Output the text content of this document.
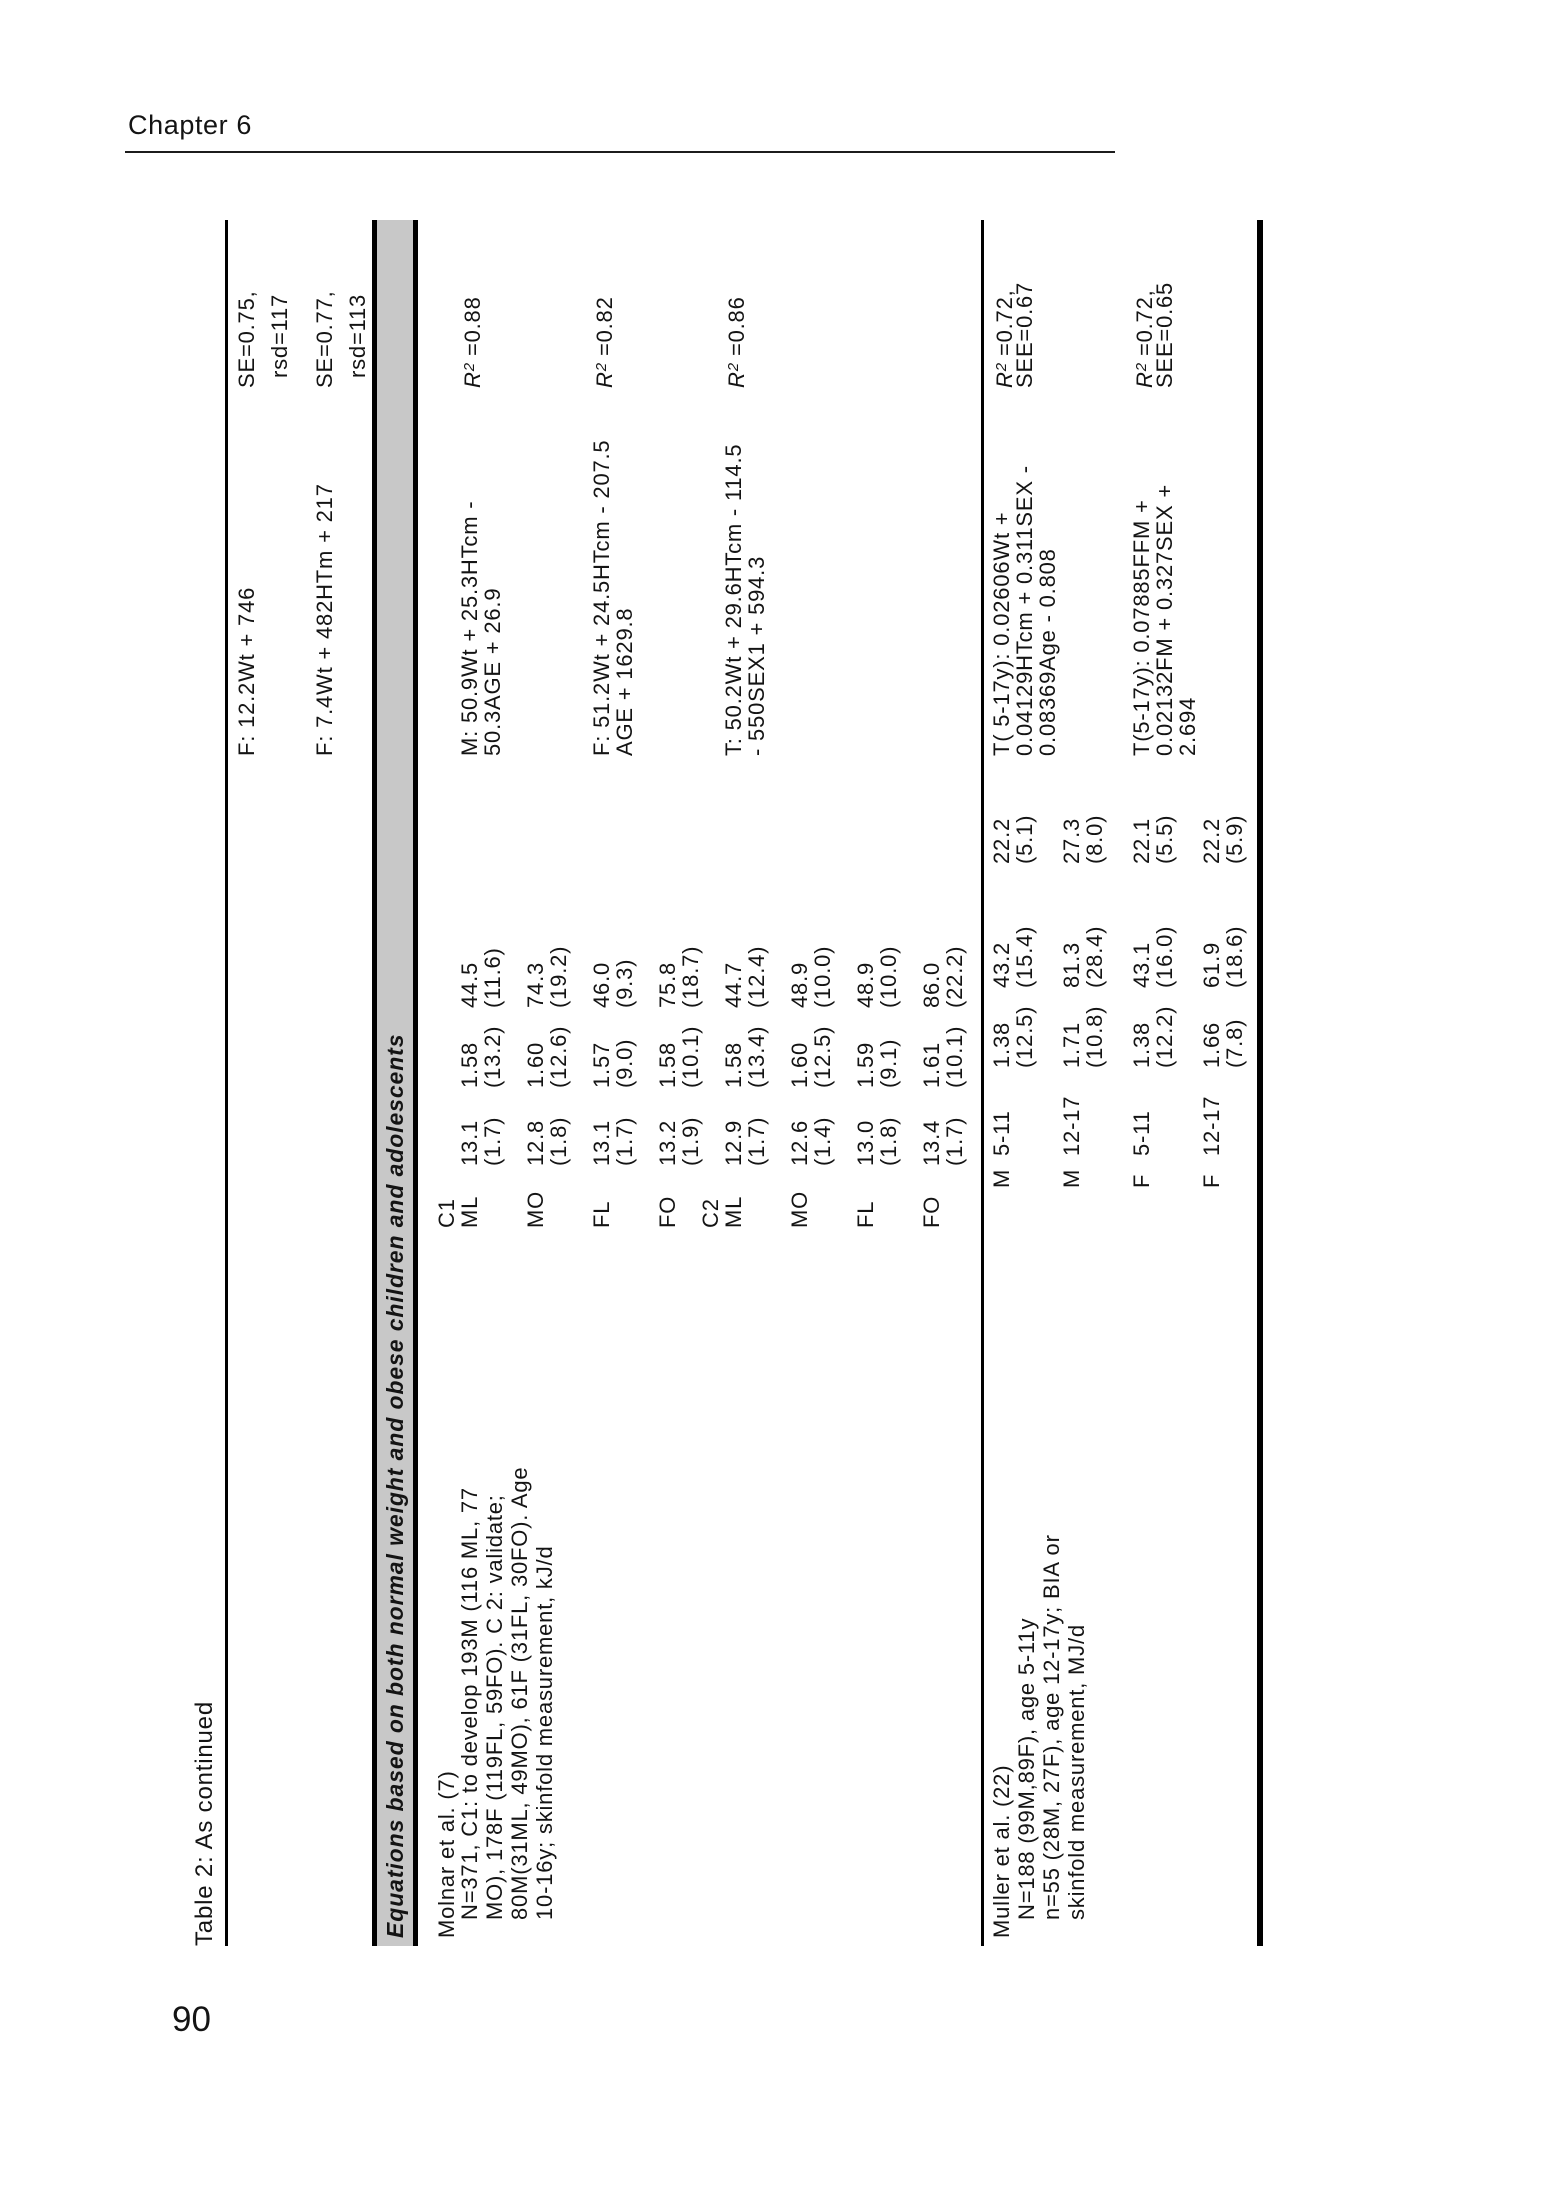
Chapter 6
90
Table 2: As continued	Equations based on both normal weight and obese children and adolescents
F: 12.2Wt + 746
SE=0.75, rsd=117
F: 7.4Wt + 482HTm + 217
SE=0.77, rsd=113
Molnar et al. (7)
N=371, C1: to develop 193M (116 ML, 77 MO), 178F (119FL, 59FO). C 2: validate; 80M(31ML, 49MO), 61F (31FL, 30FO). Age 10-16y; skinfold measurement, kJ/d
C1
ML
13.1
1.58
44.5
(1.7)
(13.2)
(11.6)
MO
12.8
1.60
74.3
(1.8)
(12.6)
(19.2)
FL
13.1
1.57
46.0
(1.7)
(9.0)
(9.3)
FO
13.2
1.58
75.8
(1.9)
(10.1)
(18.7)
C2
ML
12.9
1.58
44.7
(1.7)
(13.4)
(12.4)
MO
12.6
1.60
48.9
(1.4)
(12.5)
(10.0)
FL
13.0
1.59
48.9
(1.8)
(9.1)
(10.0)
FO
13.4
1.61
86.0
(1.7)
(10.1)
(22.2)
M: 50.9Wt + 25.3HTcm -
50.3AGE + 26.9
$R^2 =0.88$
F: 51.2Wt + 24.5HTcm - 207.5
AGE + 1629.8
$R^2 =0.82$
T: 50.2Wt + 29.6HTcm - 114.5
- 550SEX1 + 594.3
$R^2 =0.86$
Muller et al. (22) N=188 (99M,89F), age 5-11y n=55 (28M, 27F), age 12-17y; BIA or skinfold measurement, MJ/d
M
5-11
1.38
43.2
22.2
(12.5)
(15.4)
(5.1)
M
12-17
1.71
81.3
27.3
(10.8)
(28.4)
(8.0)
F
5-11
1.38
43.1
22.1
(12.2)
(16.0)
(5.5)
F
12-17
1.66
61.9
22.2
(7.8)
(18.6)
(5.9)
T( 5-17y): 0.02606Wt +
0.04129HTcm + 0.311SEX -
0.08369Age - 0.808
$R^2 =0.72$,
SEE=0.67
T(5-17y): 0.07885FFM +
0.02132FM + 0.327SEX +
2.694
$R^2 =0.72$,
SEE=0.65
